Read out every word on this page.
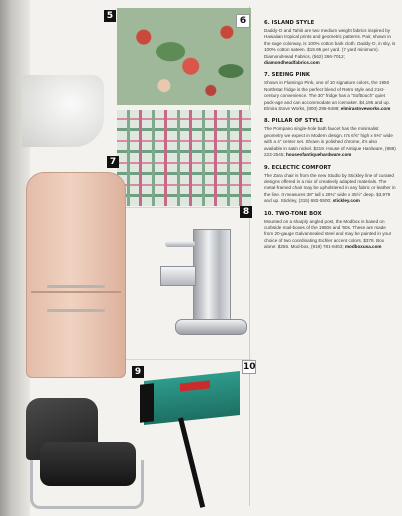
5	6
7
8
9	10

6. ISLAND STYLE

Daddy-O and Tahiti are two medium weight fabrics inspired by Hawaiian tropical prints and geometric patterns. Pair, shown in the sage colorway, is 100% cotton bark cloth. Daddy-O, in sky, is 100% cotton sateen. $19.95 per yard. (7 yard minimum). DiamondHead Fabrics, (562) 266-7012; diamondheadfabrics.com

7. SEEING PINK

Shown in Flamingo Pink, one of 10 signature colors, the 1950 Northstar fridge is the perfect blend of Retro style and 21st-century convenience. The 30" fridge has a "Softtouch" quiet pack-age and can accommodate an icemaker. $4,195 and up. Elmira Stove Works, (800) 295-8498; elmirastoveworks.com

8. PILLAR OF STYLE

The Pompano single-hole bath faucet has the minimalist geometry we expect in Modern design. It's 6⅝" high x 6⅜" wide with a 4" center set. Shown in polished chrome, it's also available in satin nickel. $219. House of Antique Hardware, (888) 223-2545; houseofantiquehardware.com

9. ECLECTIC COMFORT

The Zara chair is from the new Studio by Stickley line of curated designs offered in a mix of creatively adapted materials. The metal-framed chair may be upholstered in any fabric or leather in the line. It measures 38" tall x 29¾" wide x 35½" deep. $3,979 and up. Stickley, (315) 682-5500; stickley.com

10. TWO-TONE BOX

Mounted on a sharply angled post, the Modbox is based on curbside mail-boxes of the 1950s and '60s. These are made from 20-gauge Galvannealed steel and may be painted in your choice of two coordinating Eichler accent colors. $378. Box alone: $255. Mod-box, (919) 781-8463; modboxusa.com
